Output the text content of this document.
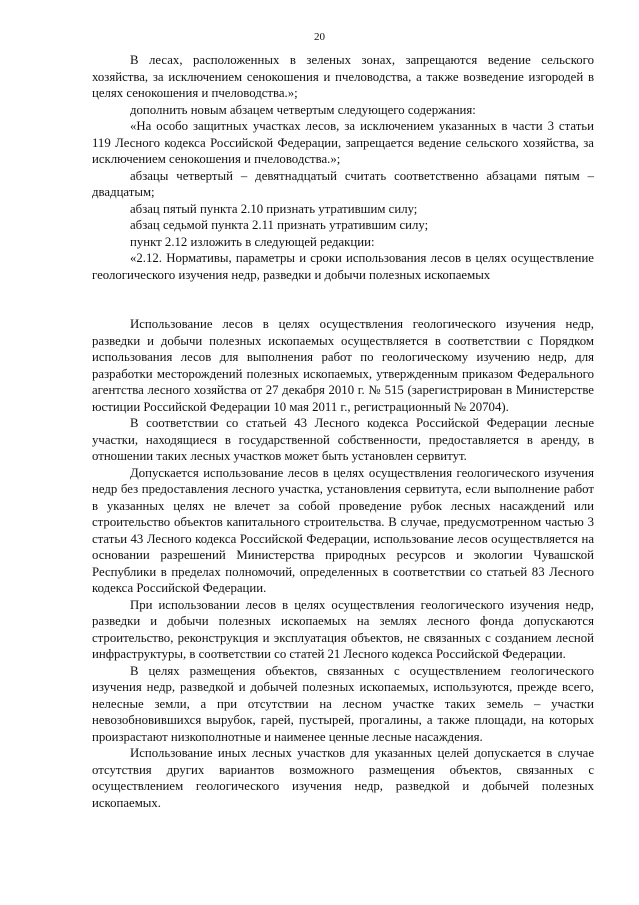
20

В лесах, расположенных в зеленых зонах, запрещаются ведение сельского хозяйства, за исключением сенокошения и пчеловодства, а также возведение изгородей в целях сенокошения и пчеловодства.»;

дополнить новым абзацем четвертым следующего содержания:

«На особо защитных участках лесов, за исключением указанных в части 3 статьи 119 Лесного кодекса Российской Федерации, запрещается ведение сельского хозяйства, за исключением сенокошения и пчеловодства.»;

абзацы четвертый – девятнадцатый считать соответственно абзацами пятым – двадцатым;

абзац пятый пункта 2.10 признать утратившим силу;

абзац седьмой пункта 2.11 признать утратившим силу;

пункт 2.12 изложить в следующей редакции:

«2.12. Нормативы, параметры и сроки использования лесов в целях осуществление геологического изучения недр, разведки и добычи полезных ископаемых

Использование лесов в целях осуществления геологического изучения недр, разведки и добычи полезных ископаемых осуществляется в соответствии с Порядком использования лесов для выполнения работ по геологическому изучению недр, для разработки месторождений полезных ископаемых, утвержденным приказом Федерального агентства лесного хозяйства от 27 декабря 2010 г. № 515 (зарегистрирован в Министерстве юстиции Российской Федерации 10 мая 2011 г., регистрационный № 20704).

В соответствии со статьей 43 Лесного кодекса Российской Федерации лесные участки, находящиеся в государственной собственности, предоставляется в аренду, в отношении таких лесных участков может быть установлен сервитут.

Допускается использование лесов в целях осуществления геологического изучения недр без предоставления лесного участка, установления сервитута, если выполнение работ в указанных целях не влечет за собой проведение рубок лесных насаждений или строительство объектов капитального строительства. В случае, предусмотренном частью 3 статьи 43 Лесного кодекса Российской Федерации, использование лесов осуществляется на основании разрешений Министерства природных ресурсов и экологии Чувашской Республики в пределах полномочий, определенных в соответствии со статьей 83 Лесного кодекса Российской Федерации.

При использовании лесов в целях осуществления геологического изучения недр, разведки и добычи полезных ископаемых на землях лесного фонда допускаются строительство, реконструкция и эксплуатация объектов, не связанных с созданием лесной инфраструктуры, в соответствии со статей 21 Лесного кодекса Российской Федерации.

В целях размещения объектов, связанных с осуществлением геологического изучения недр, разведкой и добычей полезных ископаемых, используются, прежде всего, нелесные земли, а при отсутствии на лесном участке таких земель – участки невозобновившихся вырубок, гарей, пустырей, прогалины, а также площади, на которых произрастают низкополнотные и наименее ценные лесные насаждения.

Использование иных лесных участков для указанных целей допускается в случае отсутствия других вариантов возможного размещения объектов, связанных с осуществлением геологического изучения недр, разведкой и добычей полезных ископаемых.
